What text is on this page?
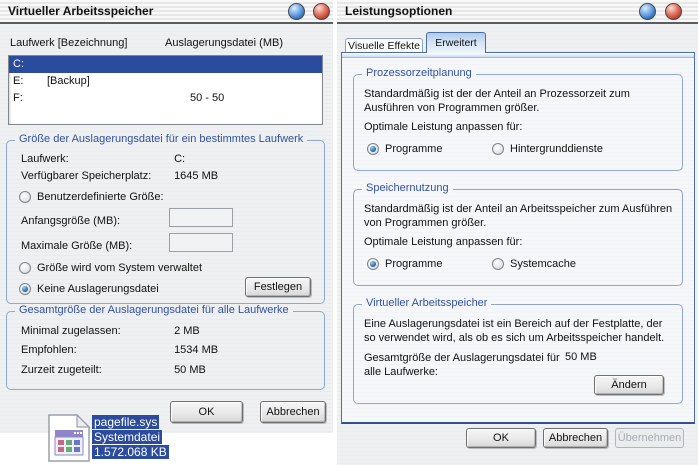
Virtueller Arbeitsspeicher
Laufwerk [Bezeichnung]	Auslagerungsdatei (MB)
C:
E:	[Backup]
F:	50 - 50
Größe der Auslagerungsdatei für ein bestimmtes Laufwerk
Laufwerk:	C:
Verfügbarer Speicherplatz: 1645 MB
Benutzerdefinierte Größe:
Anfangsgröße (MB):
Maximale Größe (MB):
Größe wird vom System verwaltet
Keine Auslagerungsdatei	Festlegen
Gesamtgröße der Auslagerungsdatei für alle Laufwerke
Minimal zugelassen:	2 MB
Empfohlen:	1534 MB
Zurzeit zugeteilt:	50 MB
OK	Abbrechen
Leistungsoptionen
Visuelle Effekte	Erweitert
Prozessorzeitplanung
Standardmäßig ist der der Anteil an Prozessorzeit zum Ausführen von Programmen größer.
Optimale Leistung anpassen für:
Programme	Hintergrunddienste
Speichernutzung
Standardmäßig ist der Anteil an Arbeitsspeicher zum Ausführen von Programmen größer.
Optimale Leistung anpassen für:
Programme	Systemcache
Virtueller Arbeitsspeicher
Eine Auslagerungsdatei ist ein Bereich auf der Festplatte, der so verwendet wird, als ob es sich um Arbeitsspeicher handelt.
Gesamtgröße der Auslagerungsdatei für alle Laufwerke:
50 MB
Ändern
OK	Abbrechen	Übernehmen
pagefile.sys
Systemdatei
1.572.068 KB
